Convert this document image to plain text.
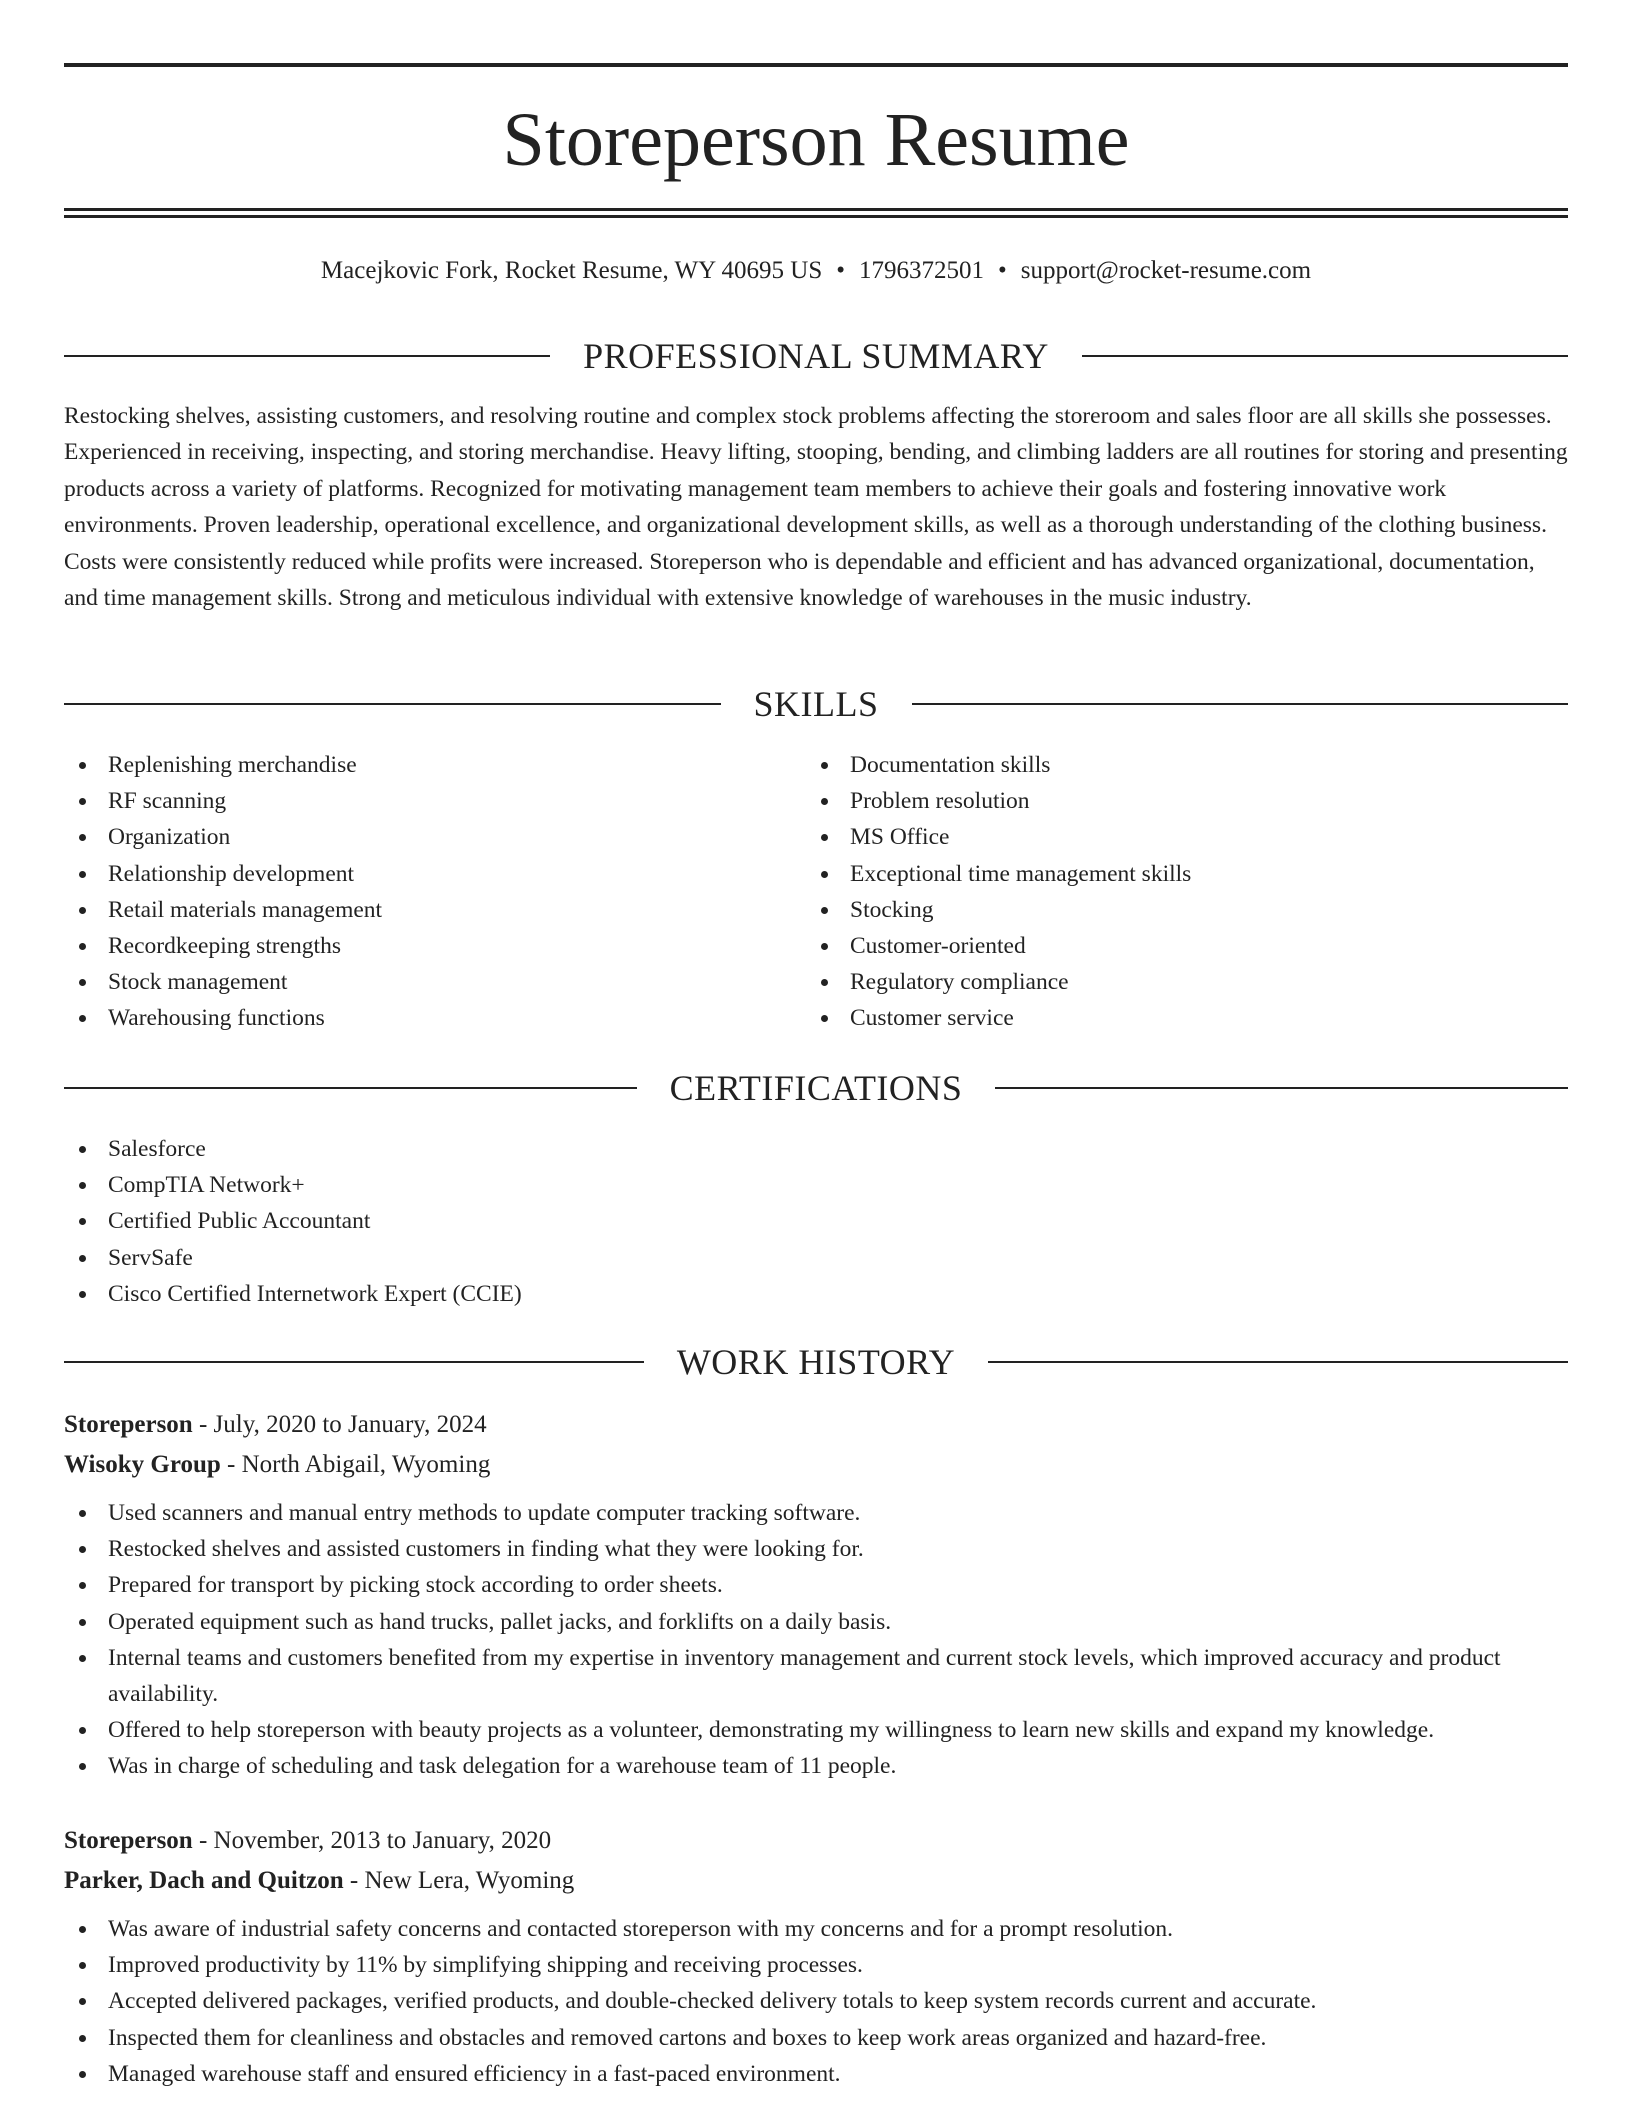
Storeperson Resume
Macejkovic Fork, Rocket Resume, WY 40695 US • 1796372501 • support@rocket-resume.com
PROFESSIONAL SUMMARY

Restocking shelves, assisting customers, and resolving routine and complex stock problems affecting the storeroom and sales floor are all skills she possesses. Experienced in receiving, inspecting, and storing merchandise. Heavy lifting, stooping, bending, and climbing ladders are all routines for storing and presenting products across a variety of platforms. Recognized for motivating management team members to achieve their goals and fostering innovative work environments. Proven leadership, operational excellence, and organizational development skills, as well as a thorough understanding of the clothing business. Costs were consistently reduced while profits were increased. Storeperson who is dependable and efficient and has advanced organizational, documentation, and time management skills. Strong and meticulous individual with extensive knowledge of warehouses in the music industry.

SKILLS
Replenishing merchandise
RF scanning
Organization
Relationship development
Retail materials management
Recordkeeping strengths
Stock management
Warehousing functions
Documentation skills
Problem resolution
MS Office
Exceptional time management skills
Stocking
Customer-oriented
Regulatory compliance
Customer service
CERTIFICATIONS
Salesforce
CompTIA Network+
Certified Public Accountant
ServSafe
Cisco Certified Internetwork Expert (CCIE)
WORK HISTORY
Storeperson - July, 2020 to January, 2024
Wisoky Group - North Abigail, Wyoming
Used scanners and manual entry methods to update computer tracking software.
Restocked shelves and assisted customers in finding what they were looking for.
Prepared for transport by picking stock according to order sheets.
Operated equipment such as hand trucks, pallet jacks, and forklifts on a daily basis.
Internal teams and customers benefited from my expertise in inventory management and current stock levels, which improved accuracy and product availability.
Offered to help storeperson with beauty projects as a volunteer, demonstrating my willingness to learn new skills and expand my knowledge.
Was in charge of scheduling and task delegation for a warehouse team of 11 people.
Storeperson - November, 2013 to January, 2020
Parker, Dach and Quitzon - New Lera, Wyoming
Was aware of industrial safety concerns and contacted storeperson with my concerns and for a prompt resolution.
Improved productivity by 11% by simplifying shipping and receiving processes.
Accepted delivered packages, verified products, and double-checked delivery totals to keep system records current and accurate.
Inspected them for cleanliness and obstacles and removed cartons and boxes to keep work areas organized and hazard-free.
Managed warehouse staff and ensured efficiency in a fast-paced environment.
